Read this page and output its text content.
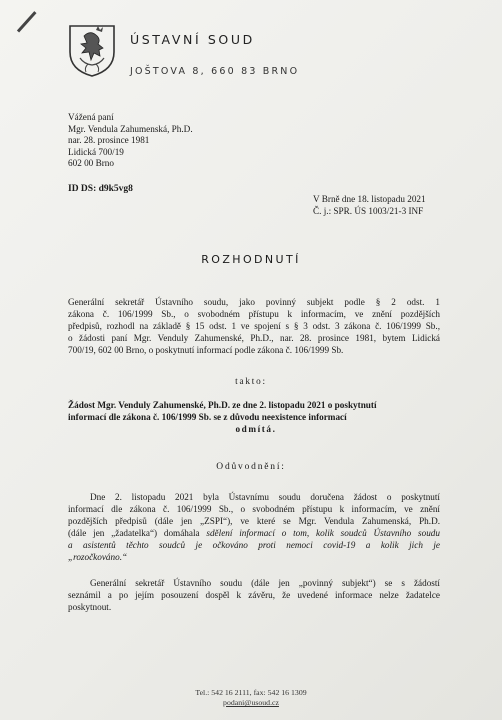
ÚSTAVNÍ SOUD
JOŠTOVA 8, 660 83 BRNO
Vážená paní
Mgr. Vendula Zahumenská, Ph.D.
nar. 28. prosince 1981
Lidická 700/19
602 00 Brno
ID DS: d9k5vg8
V Brně dne 18. listopadu 2021
Č. j.: SPR. ÚS 1003/21-3 INF
ROZHODNUTÍ
Generální sekretář Ústavního soudu, jako povinný subjekt podle § 2 odst. 1
zákona č. 106/1999 Sb., o svobodném přístupu k informacím, ve znění pozdějších
předpisů, rozhodl na základě § 15 odst. 1 ve spojení s § 3 odst. 3 zákona č. 106/1999 Sb.,
o žádosti paní Mgr. Venduly Zahumenské, Ph.D., nar. 28. prosince 1981, bytem Lidická
700/19, 602 00 Brno, o poskytnutí informací podle zákona č. 106/1999 Sb.
takto:
Žádost Mgr. Venduly Zahumenské, Ph.D. ze dne 2. listopadu 2021 o poskytnutí
informací dle zákona č. 106/1999 Sb. se z důvodu neexistence informací
odmítá.
Odůvodnění:
Dne 2. listopadu 2021 byla Ústavnímu soudu doručena žádost o poskytnutí
informací dle zákona č. 106/1999 Sb., o svobodném přístupu k informacím, ve znění
pozdějších předpisů (dále jen „ZSPI“), ve které se Mgr. Vendula Zahumenská, Ph.D.
(dále jen „žadatelka“) domáhala sdělení informací o tom, kolik soudců Ústavního soudu
a asistentů těchto soudců je očkováno proti nemoci covid-19 a kolik jich je
„rozočkováno.“
Generální sekretář Ústavního soudu (dále jen „povinný subjekt“) se s žádostí
seznámil a po jejím posouzení dospěl k závěru, že uvedené informace nelze žadatelce
poskytnout.
Tel.: 542 16 2111, fax: 542 16 1309
podani@usoud.cz
